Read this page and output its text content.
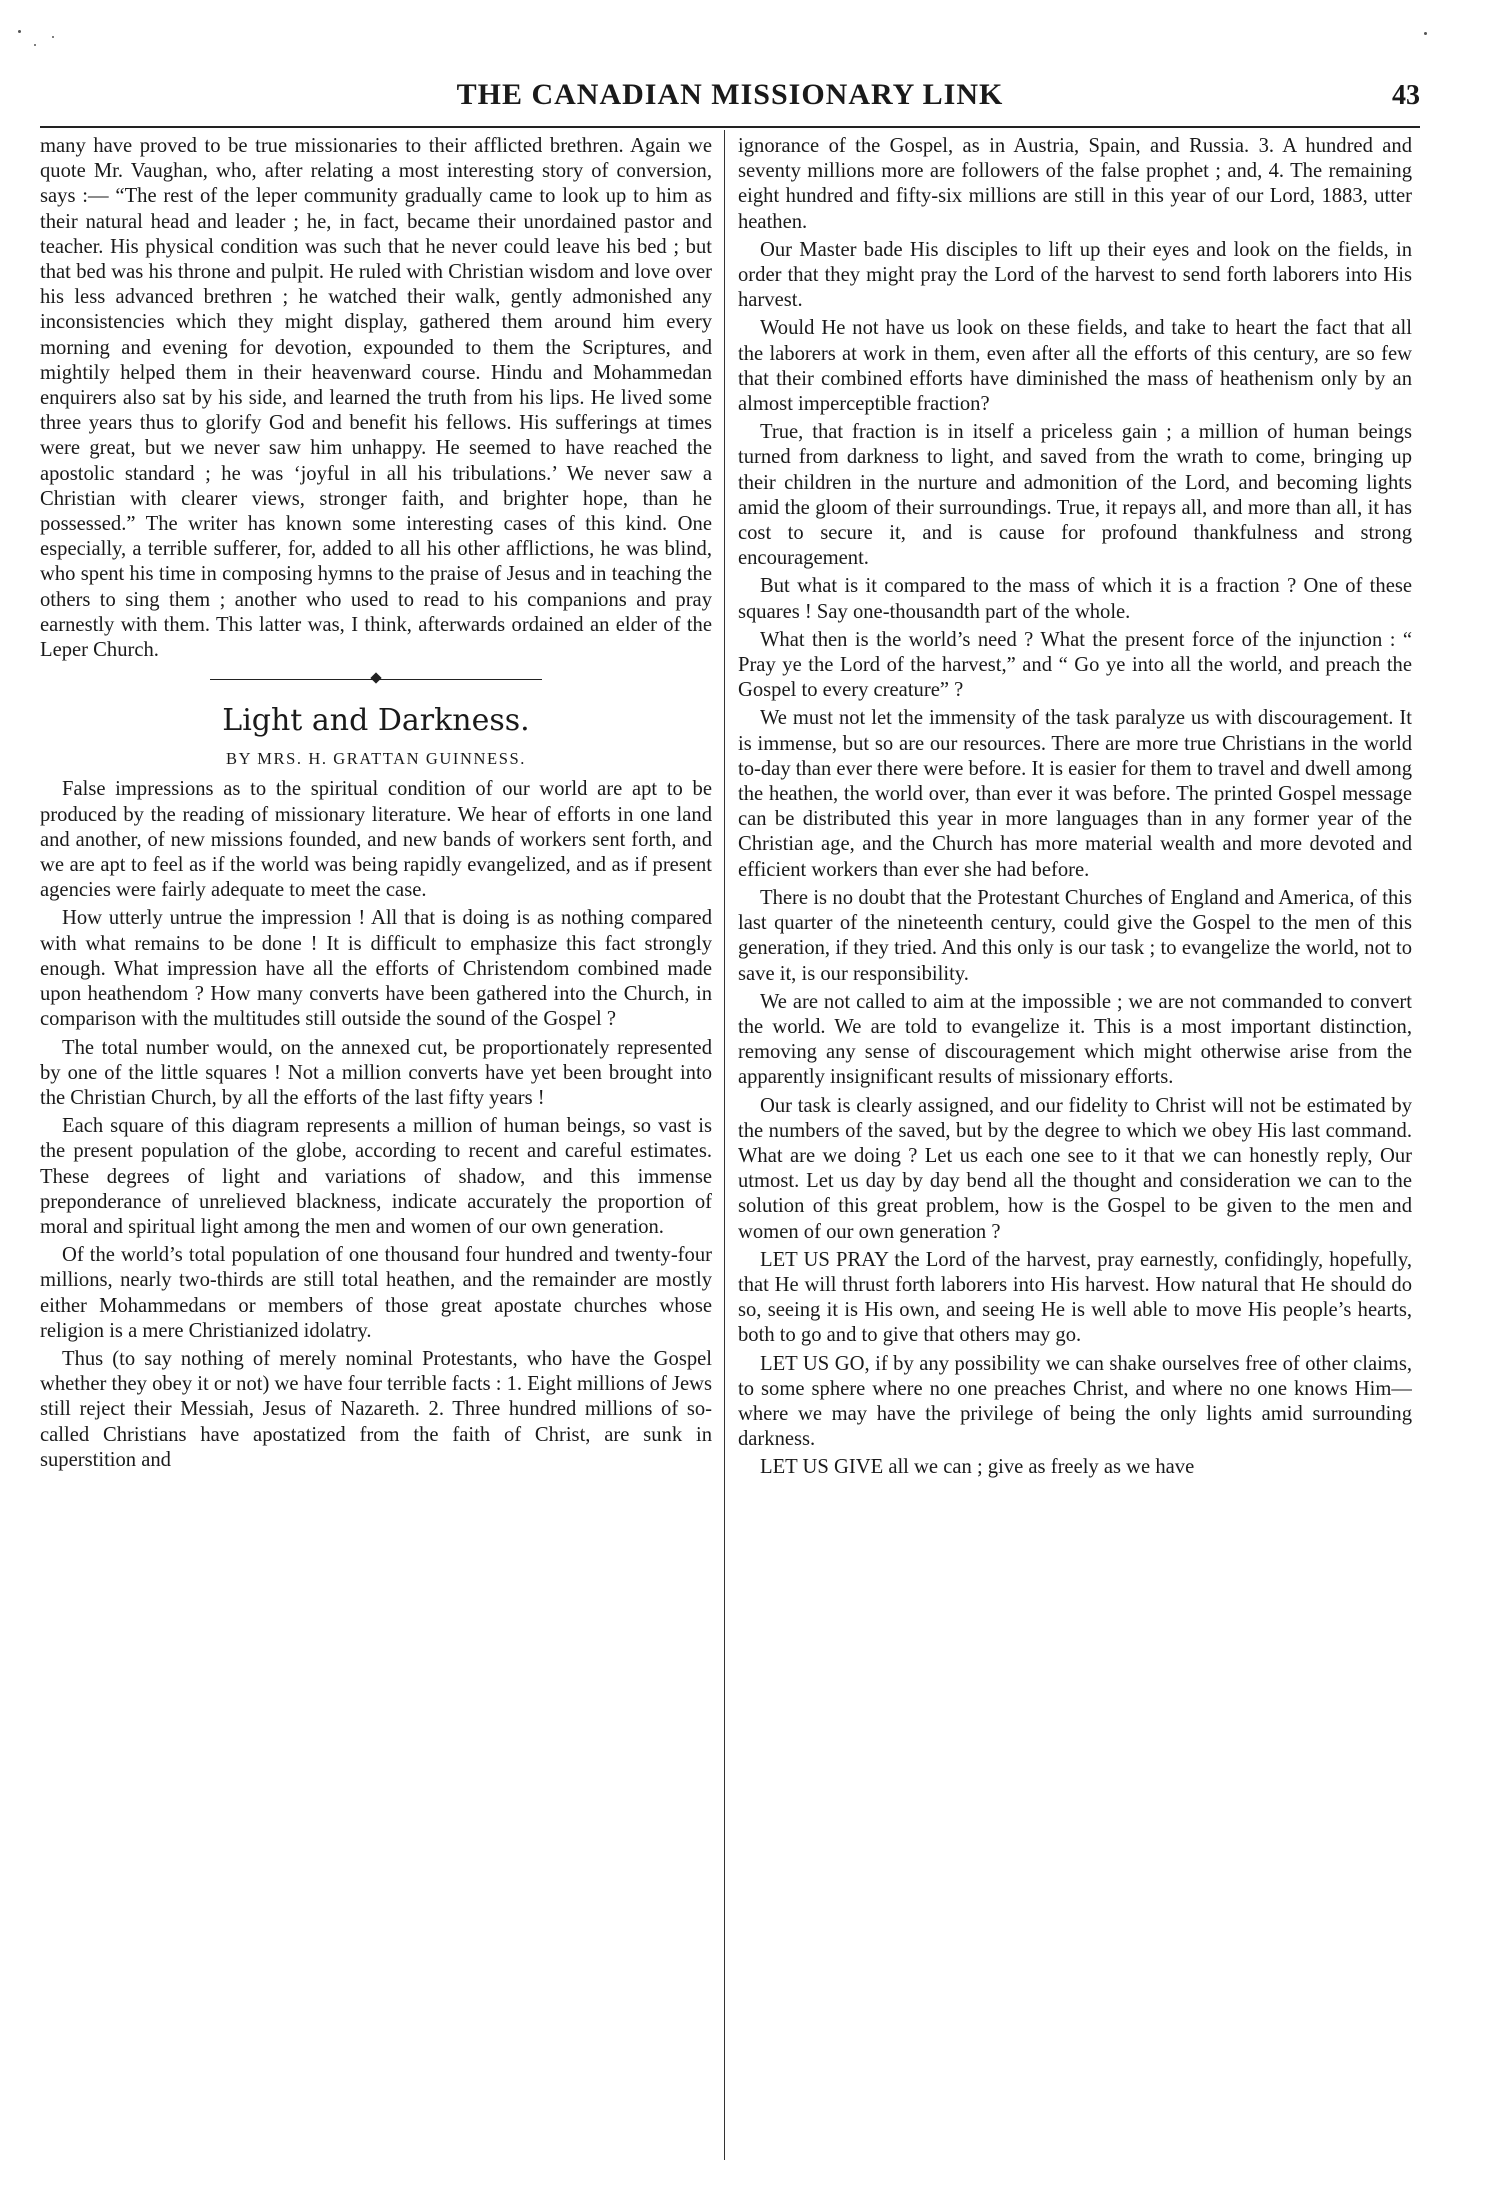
THE CANADIAN MISSIONARY LINK	43

many have proved to be true missionaries to their afflicted brethren. Again we quote Mr. Vaughan, who, after relating a most interesting story of conversion, says :— “The rest of the leper community gradually came to look up to him as their natural head and leader ; he, in fact, became their unordained pastor and teacher. His physical condition was such that he never could leave his bed ; but that bed was his throne and pulpit. He ruled with Christian wisdom and love over his less advanced brethren ; he watched their walk, gently admonished any inconsistencies which they might display, gathered them around him every morning and evening for devotion, expounded to them the Scriptures, and mightily helped them in their heavenward course. Hindu and Mohammedan enquirers also sat by his side, and learned the truth from his lips. He lived some three years thus to glorify God and benefit his fellows. His sufferings at times were great, but we never saw him unhappy. He seemed to have reached the apostolic standard ; he was ‘joyful in all his tribulations.’ We never saw a Christian with clearer views, stronger faith, and brighter hope, than he possessed.” The writer has known some interesting cases of this kind. One especially, a terrible sufferer, for, added to all his other afflictions, he was blind, who spent his time in composing hymns to the praise of Jesus and in teaching the others to sing them ; another who used to read to his companions and pray earnestly with them. This latter was, I think, afterwards ordained an elder of the Leper Church.

Light and Darkness.
BY MRS. H. GRATTAN GUINNESS.

False impressions as to the spiritual condition of our world are apt to be produced by the reading of missionary literature. We hear of efforts in one land and another, of new missions founded, and new bands of workers sent forth, and we are apt to feel as if the world was being rapidly evangelized, and as if present agencies were fairly adequate to meet the case.

How utterly untrue the impression ! All that is doing is as nothing compared with what remains to be done ! It is difficult to emphasize this fact strongly enough. What impression have all the efforts of Christendom combined made upon heathendom ? How many converts have been gathered into the Church, in comparison with the multitudes still outside the sound of the Gospel ?

The total number would, on the annexed cut, be proportionately represented by one of the little squares ! Not a million converts have yet been brought into the Christian Church, by all the efforts of the last fifty years !

Each square of this diagram represents a million of human beings, so vast is the present population of the globe, according to recent and careful estimates. These degrees of light and variations of shadow, and this immense preponderance of unrelieved blackness, indicate accurately the proportion of moral and spiritual light among the men and women of our own generation.

Of the world’s total population of one thousand four hundred and twenty-four millions, nearly two-thirds are still total heathen, and the remainder are mostly either Mohammedans or members of those great apostate churches whose religion is a mere Christianized idolatry.

Thus (to say nothing of merely nominal Protestants, who have the Gospel whether they obey it or not) we have four terrible facts : 1. Eight millions of Jews still reject their Messiah, Jesus of Nazareth. 2. Three hundred millions of so-called Christians have apostatized from the faith of Christ, are sunk in superstition and

ignorance of the Gospel, as in Austria, Spain, and Russia. 3. A hundred and seventy millions more are followers of the false prophet ; and, 4. The remaining eight hundred and fifty-six millions are still in this year of our Lord, 1883, utter heathen.

Our Master bade His disciples to lift up their eyes and look on the fields, in order that they might pray the Lord of the harvest to send forth laborers into His harvest.

Would He not have us look on these fields, and take to heart the fact that all the laborers at work in them, even after all the efforts of this century, are so few that their combined efforts have diminished the mass of heathenism only by an almost imperceptible fraction?

True, that fraction is in itself a priceless gain ; a million of human beings turned from darkness to light, and saved from the wrath to come, bringing up their children in the nurture and admonition of the Lord, and becoming lights amid the gloom of their surroundings. True, it repays all, and more than all, it has cost to secure it, and is cause for profound thankfulness and strong encouragement.

But what is it compared to the mass of which it is a fraction ? One of these squares ! Say one-thousandth part of the whole.

What then is the world’s need ? What the present force of the injunction : “ Pray ye the Lord of the harvest,” and “ Go ye into all the world, and preach the Gospel to every creature” ?

We must not let the immensity of the task paralyze us with discouragement. It is immense, but so are our resources. There are more true Christians in the world to-day than ever there were before. It is easier for them to travel and dwell among the heathen, the world over, than ever it was before. The printed Gospel message can be distributed this year in more languages than in any former year of the Christian age, and the Church has more material wealth and more devoted and efficient workers than ever she had before.

There is no doubt that the Protestant Churches of England and America, of this last quarter of the nineteenth century, could give the Gospel to the men of this generation, if they tried. And this only is our task ; to evangelize the world, not to save it, is our responsibility.

We are not called to aim at the impossible ; we are not commanded to convert the world. We are told to evangelize it. This is a most important distinction, removing any sense of discouragement which might otherwise arise from the apparently insignificant results of missionary efforts.

Our task is clearly assigned, and our fidelity to Christ will not be estimated by the numbers of the saved, but by the degree to which we obey His last command. What are we doing ? Let us each one see to it that we can honestly reply, Our utmost. Let us day by day bend all the thought and consideration we can to the solution of this great problem, how is the Gospel to be given to the men and women of our own generation ?

LET US PRAY the Lord of the harvest, pray earnestly, confidingly, hopefully, that He will thrust forth laborers into His harvest. How natural that He should do so, seeing it is His own, and seeing He is well able to move His people’s hearts, both to go and to give that others may go.

LET US GO, if by any possibility we can shake ourselves free of other claims, to some sphere where no one preaches Christ, and where no one knows Him—where we may have the privilege of being the only lights amid surrounding darkness.

LET US GIVE all we can ; give as freely as we have
